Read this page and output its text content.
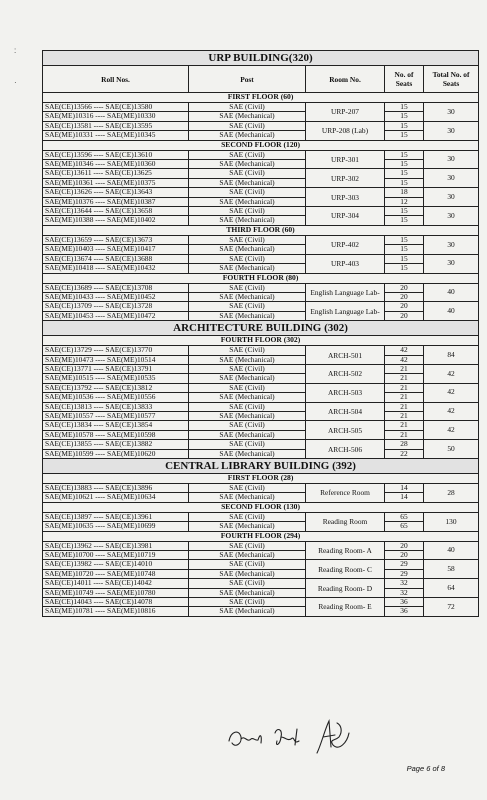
:
·
URP BUILDING(320)				
Roll Nos.	Post	Room No.	No. of Seats	Total No. of Seats
FIRST FLOOR (60)				
SAE(CE)13566 ---- SAE(CE)13580	SAE (Civil)	URP-207	15	30
SAE(ME)10316 ---- SAE(ME)10330	SAE (Mechanical)		15	
SAE(CE)13581 ---- SAE(CE)13595	SAE (Civil)	URP-208 (Lab)	15	30
SAE(ME)10331 ---- SAE(ME)10345	SAE (Mechanical)		15	
SECOND FLOOR (120)				
SAE(CE)13596 ---- SAE(CE)13610	SAE (Civil)	URP-301	15	30
SAE(ME)10346 ---- SAE(ME)10360	SAE (Mechanical)		15	
SAE(CE)13611 ---- SAE(CE)13625	SAE (Civil)	URP-302	15	30
SAE(ME)10361 ---- SAE(ME)10375	SAE (Mechanical)		15	
SAE(CE)13626 ---- SAE(CE)13643	SAE (Civil)	URP-303	18	30
SAE(ME)10376 ---- SAE(ME)10387	SAE (Mechanical)		12	
SAE(CE)13644 ---- SAE(CE)13658	SAE (Civil)	URP-304	15	30
SAE(ME)10388 ---- SAE(ME)10402	SAE (Mechanical)		15	
THIRD FLOOR (60)				
SAE(CE)13659 ---- SAE(CE)13673	SAE (Civil)	URP-402	15	30
SAE(ME)10403 ---- SAE(ME)10417	SAE (Mechanical)		15	
SAE(CE)13674 ---- SAE(CE)13688	SAE (Civil)	URP-403	15	30
SAE(ME)10418 ---- SAE(ME)10432	SAE (Mechanical)		15	
FOURTH FLOOR (80)				
SAE(CE)13689 ---- SAE(CE)13708	SAE (Civil)	English Language Lab-	20	40
SAE(ME)10433 ---- SAE(ME)10452	SAE (Mechanical)		20	
SAE(CE)13709 ---- SAE(CE)13728	SAE (Civil)	English Language Lab-	20	40
SAE(ME)10453 ---- SAE(ME)10472	SAE (Mechanical)		20	
ARCHITECTURE BUILDING (302)				
FOURTH FLOOR (302)				
SAE(CE)13729 ---- SAE(CE)13770	SAE (Civil)	ARCH-501	42	84
SAE(ME)10473 ---- SAE(ME)10514	SAE (Mechanical)		42	
SAE(CE)13771 ---- SAE(CE)13791	SAE (Civil)	ARCH-502	21	42
SAE(ME)10515 ---- SAE(ME)10535	SAE (Mechanical)		21	
SAE(CE)13792 ---- SAE(CE)13812	SAE (Civil)	ARCH-503	21	42
SAE(ME)10536 ---- SAE(ME)10556	SAE (Mechanical)		21	
SAE(CE)13813 ---- SAE(CE)13833	SAE (Civil)	ARCH-504	21	42
SAE(ME)10557 ---- SAE(ME)10577	SAE (Mechanical)		21	
SAE(CE)13834 ---- SAE(CE)13854	SAE (Civil)	ARCH-505	21	42
SAE(ME)10578 ---- SAE(ME)10598	SAE (Mechanical)		21	
SAE(CE)13855 ---- SAE(CE)13882	SAE (Civil)	ARCH-506	28	50
SAE(ME)10599 ---- SAE(ME)10620	SAE (Mechanical)		22	
CENTRAL LIBRARY BUILDING (392)				
FIRST FLOOR (28)				
SAE(CE)13883 ---- SAE(CE)13896	SAE (Civil)	Reference Room	14	28
SAE(ME)10621 ---- SAE(ME)10634	SAE (Mechanical)		14	
SECOND FLOOR (130)				
SAE(CE)13897 ---- SAE(CE)13961	SAE (Civil)	Reading Room	65	130
SAE(ME)10635 ---- SAE(ME)10699	SAE (Mechanical)		65	
FOURTH FLOOR (294)				
SAE(CE)13962 ---- SAE(CE)13981	SAE (Civil)	Reading Room- A	20	40
SAE(ME)10700 ---- SAE(ME)10719	SAE (Mechanical)		20	
SAE(CE)13982 ---- SAE(CE)14010	SAE (Civil)	Reading Room- C	29	58
SAE(ME)10720 ---- SAE(ME)10748	SAE (Mechanical)		29	
SAE(CE)14011 ---- SAE(CE)14042	SAE (Civil)	Reading Room- D	32	64
SAE(ME)10749 ---- SAE(ME)10780	SAE (Mechanical)		32	
SAE(CE)14043 ---- SAE(CE)14078	SAE (Civil)	Reading Room- E	36	72
SAE(ME)10781 ---- SAE(ME)10816	SAE (Mechanical)		36	
Page 6 of 8
